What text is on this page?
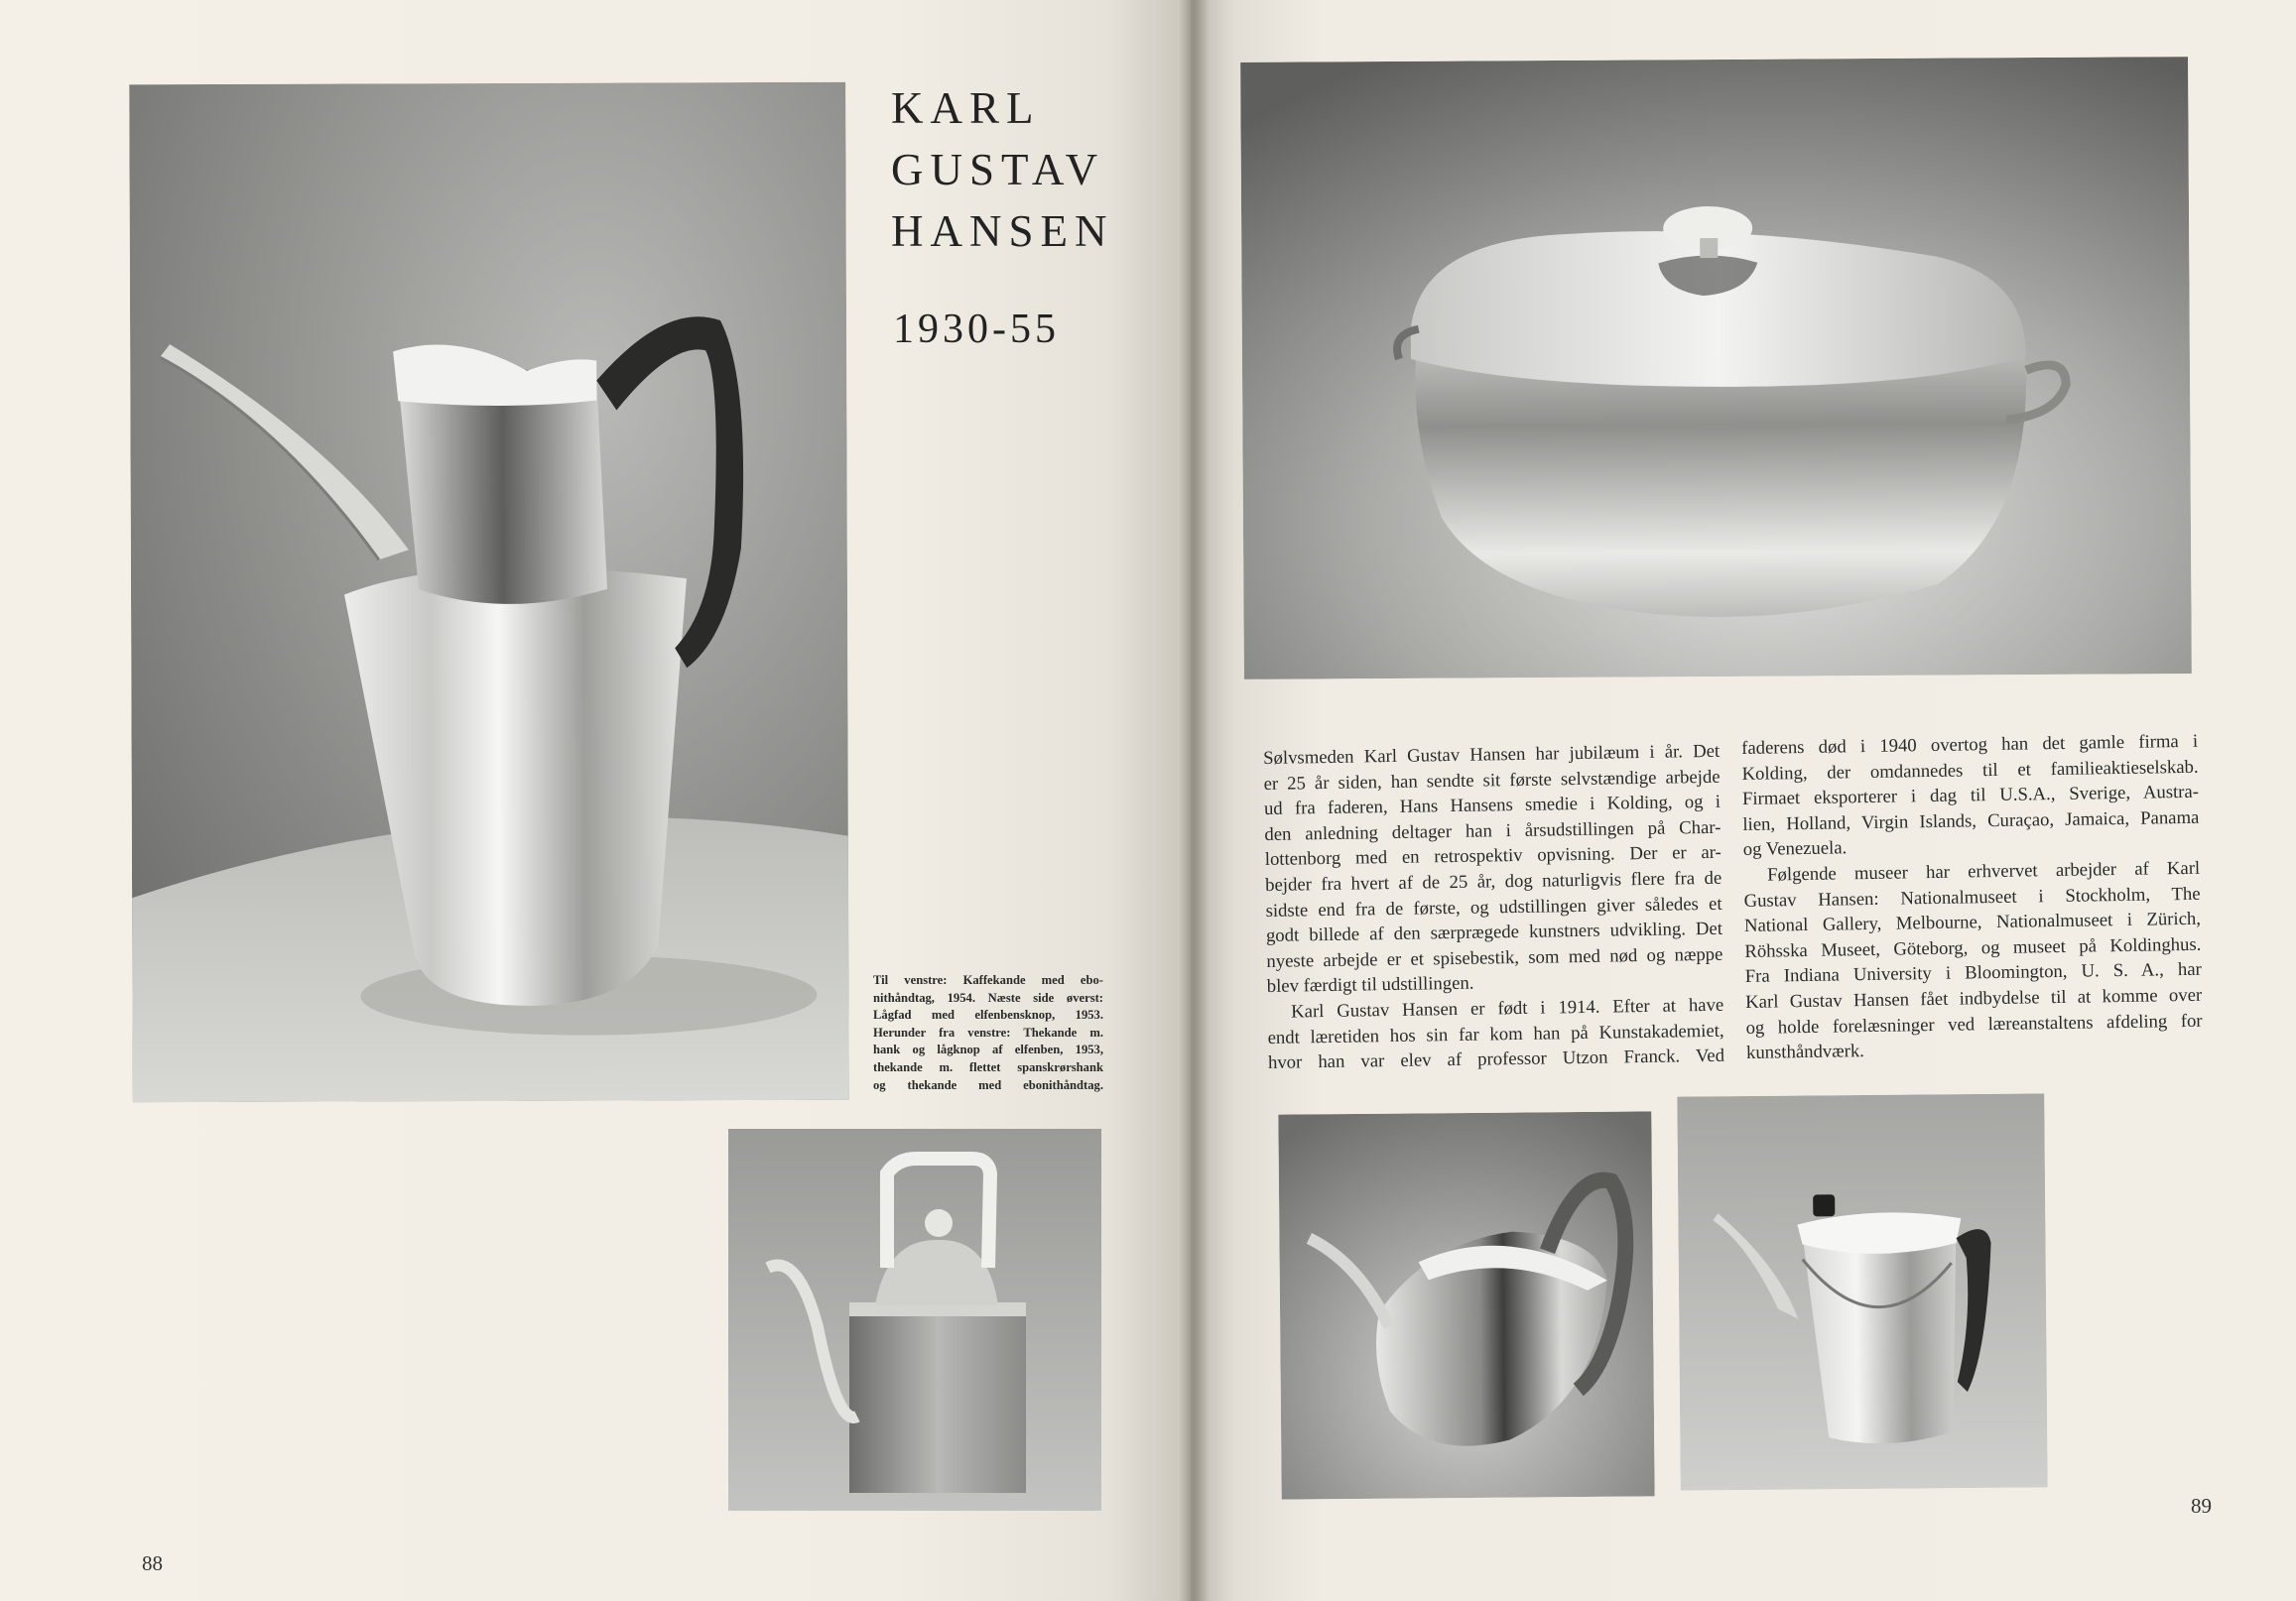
KARL
GUSTAV
HANSEN
1930-55
Til venstre: Kaffekande med ebo-
nithåndtag, 1954. Næste side øverst:
Lågfad med elfenbensknop, 1953.
Herunder fra venstre: Thekande m.
hank og lågknop af elfenben, 1953,
thekande m. flettet spanskrørshank
og thekande med ebonithåndtag.
88
Sølvsmeden Karl Gustav Hansen har jubilæum i år. Det
er 25 år siden, han sendte sit første selvstændige arbejde
ud fra faderen, Hans Hansens smedie i Kolding, og i
den anledning deltager han i årsudstillingen på Char-
lottenborg med en retrospektiv opvisning. Der er ar-
bejder fra hvert af de 25 år, dog naturligvis flere fra de
sidste end fra de første, og udstillingen giver således et
godt billede af den særprægede kunstners udvikling. Det
nyeste arbejde er et spisebestik, som med nød og næppe
blev færdigt til udstillingen.
Karl Gustav Hansen er født i 1914. Efter at have
endt læretiden hos sin far kom han på Kunstakademiet,
hvor han var elev af professor Utzon Franck. Ved
faderens død i 1940 overtog han det gamle firma i
Kolding, der omdannedes til et familieaktieselskab.
Firmaet eksporterer i dag til U.S.A., Sverige, Austra-
lien, Holland, Virgin Islands, Curaçao, Jamaica, Panama
og Venezuela.
Følgende museer har erhvervet arbejder af Karl
Gustav Hansen: Nationalmuseet i Stockholm, The
National Gallery, Melbourne, Nationalmuseet i Zürich,
Röhsska Museet, Göteborg, og museet på Koldinghus.
Fra Indiana University i Bloomington, U. S. A., har
Karl Gustav Hansen fået indbydelse til at komme over
og holde forelæsninger ved læreanstaltens afdeling for
kunsthåndværk.
89
